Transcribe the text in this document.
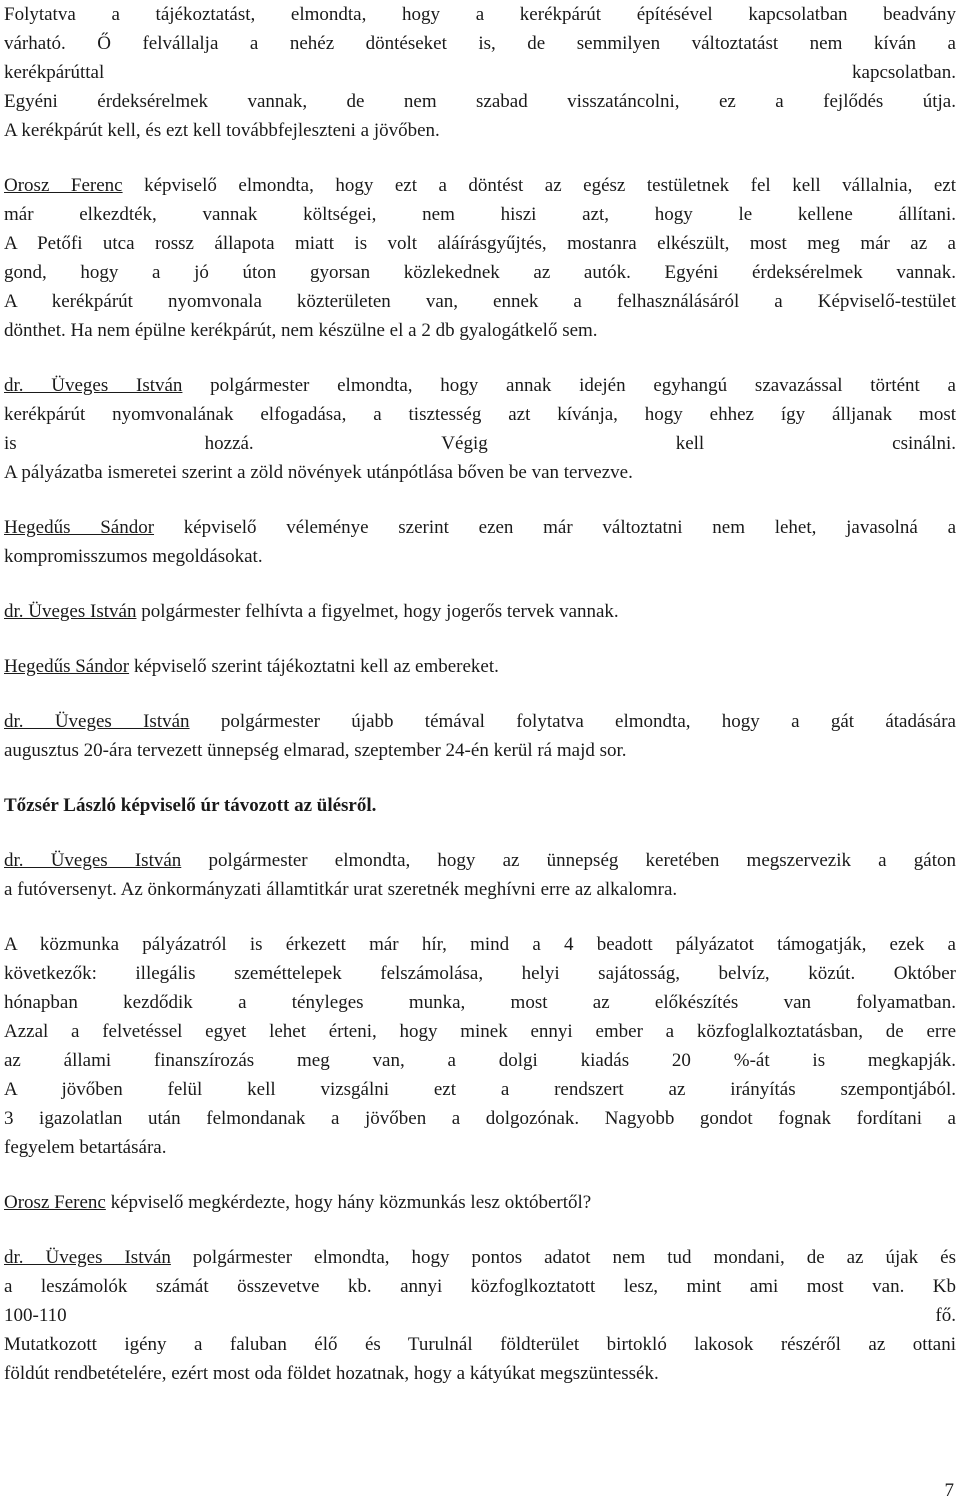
Folytatva a tájékoztatást, elmondta, hogy a kerékpárút építésével kapcsolatban beadvány
várható. Ő felvállalja a nehéz döntéseket is, de semmilyen változtatást nem kíván a
kerékpárúttal kapcsolatban.
Egyéni érdeksérelmek vannak, de nem szabad visszatáncolni, ez a fejlődés útja.
A kerékpárút kell, és ezt kell továbbfejleszteni a jövőben.

Orosz Ferenc képviselő elmondta, hogy ezt a döntést az egész testületnek fel kell vállalnia, ezt
már elkezdték, vannak költségei, nem hiszi azt, hogy le kellene állítani.
A Petőfi utca rossz állapota miatt is volt aláírásgyűjtés, mostanra elkészült, most meg már az a
gond, hogy a jó úton gyorsan közlekednek az autók. Egyéni érdeksérelmek vannak.
A kerékpárút nyomvonala közterületen van, ennek a felhasználásáról a Képviselő-testület
dönthet. Ha nem épülne kerékpárút, nem készülne el a 2 db gyalogátkelő sem.

dr. Üveges István polgármester elmondta, hogy annak idején egyhangú szavazással történt a
kerékpárút nyomvonalának elfogadása, a tisztesség azt kívánja, hogy ehhez így álljanak most
is hozzá. Végig kell csinálni.
A pályázatba ismeretei szerint a zöld növények utánpótlása bőven be van tervezve.

Hegedűs Sándor képviselő véleménye szerint ezen már változtatni nem lehet, javasolná a
kompromisszumos megoldásokat.

dr. Üveges István polgármester felhívta a figyelmet, hogy jogerős tervek vannak.

Hegedűs Sándor képviselő szerint tájékoztatni kell az embereket.

dr. Üveges István polgármester újabb témával folytatva elmondta, hogy a gát átadására
augusztus 20-ára tervezett ünnepség elmarad, szeptember 24-én kerül rá majd sor.

Tőzsér László képviselő úr távozott az ülésről.

dr. Üveges István polgármester elmondta, hogy az ünnepség keretében megszervezik a gáton
a futóversenyt. Az önkormányzati államtitkár urat szeretnék meghívni erre az alkalomra.

A közmunka pályázatról is érkezett már hír, mind a 4 beadott pályázatot támogatják, ezek a
következők: illegális szeméttelepek felszámolása, helyi sajátosság, belvíz, közút. Október
hónapban kezdődik a tényleges munka, most az előkészítés van folyamatban.
Azzal a felvetéssel egyet lehet érteni, hogy minek ennyi ember a közfoglalkoztatásban, de erre
az állami finanszírozás meg van, a dolgi kiadás 20 %-át is megkapják.
A jövőben felül kell vizsgálni ezt a rendszert az irányítás szempontjából.
3 igazolatlan után felmondanak a jövőben a dolgozónak. Nagyobb gondot fognak fordítani a
fegyelem betartására.

Orosz Ferenc képviselő megkérdezte, hogy hány közmunkás lesz októbertől?

dr. Üveges István polgármester elmondta, hogy pontos adatot nem tud mondani, de az újak és
a leszámolók számát összevetve kb. annyi közfoglkoztatott lesz, mint ami most van. Kb
100-110 fő.
Mutatkozott igény a faluban élő és Turulnál földterület birtokló lakosok részéről az ottani
földút rendbetételére, ezért most oda földet hozatnak, hogy a kátyúkat megszüntessék.

7
